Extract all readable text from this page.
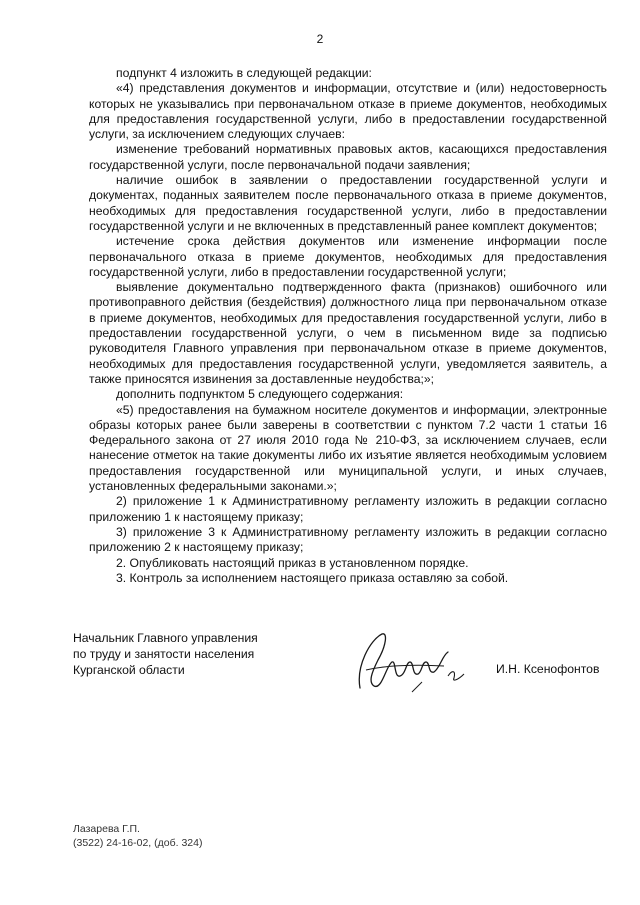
2

подпункт 4 изложить в следующей редакции:

«4) представления документов и информации, отсутствие и (или) недостоверность которых не указывались при первоначальном отказе в приеме документов, необходимых для предоставления государственной услуги, либо в предоставлении государственной услуги, за исключением следующих случаев:

изменение требований нормативных правовых актов, касающихся предоставления государственной услуги, после первоначальной подачи заявления;

наличие ошибок в заявлении о предоставлении государственной услуги и документах, поданных заявителем после первоначального отказа в приеме документов, необходимых для предоставления государственной услуги, либо в предоставлении государственной услуги и не включенных в представленный ранее комплект документов;

истечение срока действия документов или изменение информации после первоначального отказа в приеме документов, необходимых для предоставления государственной услуги, либо в предоставлении государственной услуги;

выявление документально подтвержденного факта (признаков) ошибочного или противоправного действия (бездействия) должностного лица при первоначальном отказе в приеме документов, необходимых для предоставления государственной услуги, либо в предоставлении государственной услуги, о чем в письменном виде за подписью руководителя Главного управления при первоначальном отказе в приеме документов, необходимых для предоставления государственной услуги, уведомляется заявитель, а также приносятся извинения за доставленные неудобства;»;

дополнить подпунктом 5 следующего содержания:

«5) предоставления на бумажном носителе документов и информации, электронные образы которых ранее были заверены в соответствии с пунктом 7.2 части 1 статьи 16 Федерального закона от 27 июля 2010 года № 210-ФЗ, за исключением случаев, если нанесение отметок на такие документы либо их изъятие является необходимым условием предоставления государственной или муниципальной услуги, и иных случаев, установленных федеральными законами.»;

2) приложение 1 к Административному регламенту изложить в редакции согласно приложению 1 к настоящему приказу;

3) приложение 3 к Административному регламенту изложить в редакции согласно приложению 2 к настоящему приказу;

2. Опубликовать настоящий приказ в установленном порядке.

3. Контроль за исполнением настоящего приказа оставляю за собой.

Начальник Главного управления
по труду и занятости населения
Курганской области	И.Н. Ксенофонтов
Лазарева Г.П.
(3522) 24-16-02, (доб. 324)
